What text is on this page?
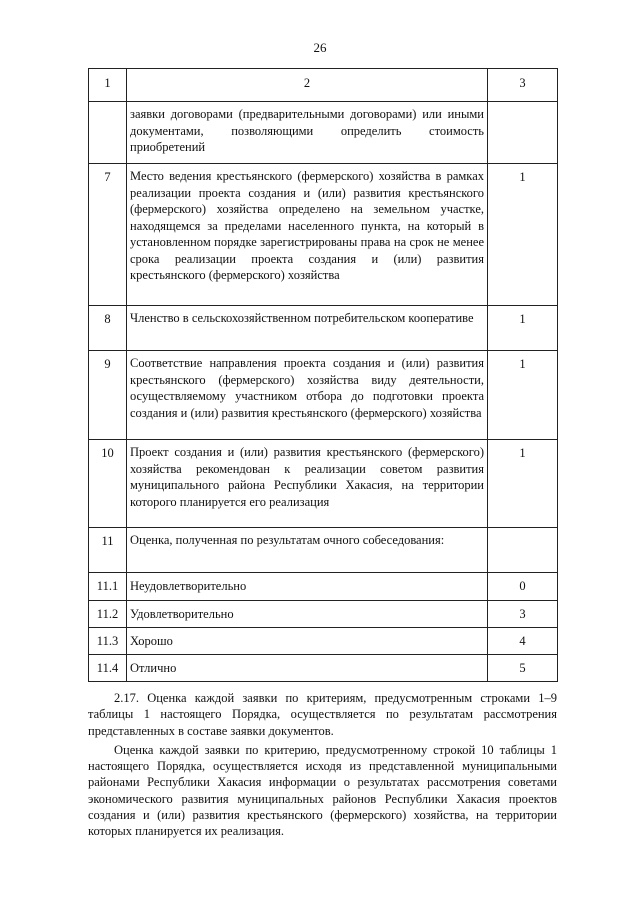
26
1	2	3
	заявки договорами (предварительными договорами) или иными документами, позволяющими определить стоимость приобретений	
7	Место ведения крестьянского (фермерского) хозяйства в рамках реализации проекта создания и (или) развития крестьянского (фермерского) хозяйства определено на земельном участке, находящемся за пределами населенного пункта, на который в установленном порядке зарегистрированы права на срок не менее срока реализации проекта создания и (или) развития крестьянского (фермерского) хозяйства	1
8	Членство в сельскохозяйственном потребительском кооперативе	1
9	Соответствие направления проекта создания и (или) развития крестьянского (фермерского) хозяйства виду деятельности, осуществляемому участником отбора до подготовки проекта создания и (или) развития крестьянского (фермерского) хозяйства	1
10	Проект создания и (или) развития крестьянского (фермерского) хозяйства рекомендован к реализации советом развития муниципального района Республики Хакасия, на территории которого планируется его реализация	1
11	Оценка, полученная по результатам очного собеседования:	
11.1	Неудовлетворительно	0
11.2	Удовлетворительно	3
11.3	Хорошо	4
11.4	Отлично	5

2.17. Оценка каждой заявки по критериям, предусмотренным строками 1–9 таблицы 1 настоящего Порядка, осуществляется по результатам рассмотрения представленных в составе заявки документов.

Оценка каждой заявки по критерию, предусмотренному строкой 10 таблицы 1 настоящего Порядка, осуществляется исходя из представленной муниципальными районами Республики Хакасия информации о результатах рассмотрения советами экономического развития муниципальных районов Республики Хакасия проектов создания и (или) развития крестьянского (фермерского) хозяйства, на территории которых планируется их реализация.
